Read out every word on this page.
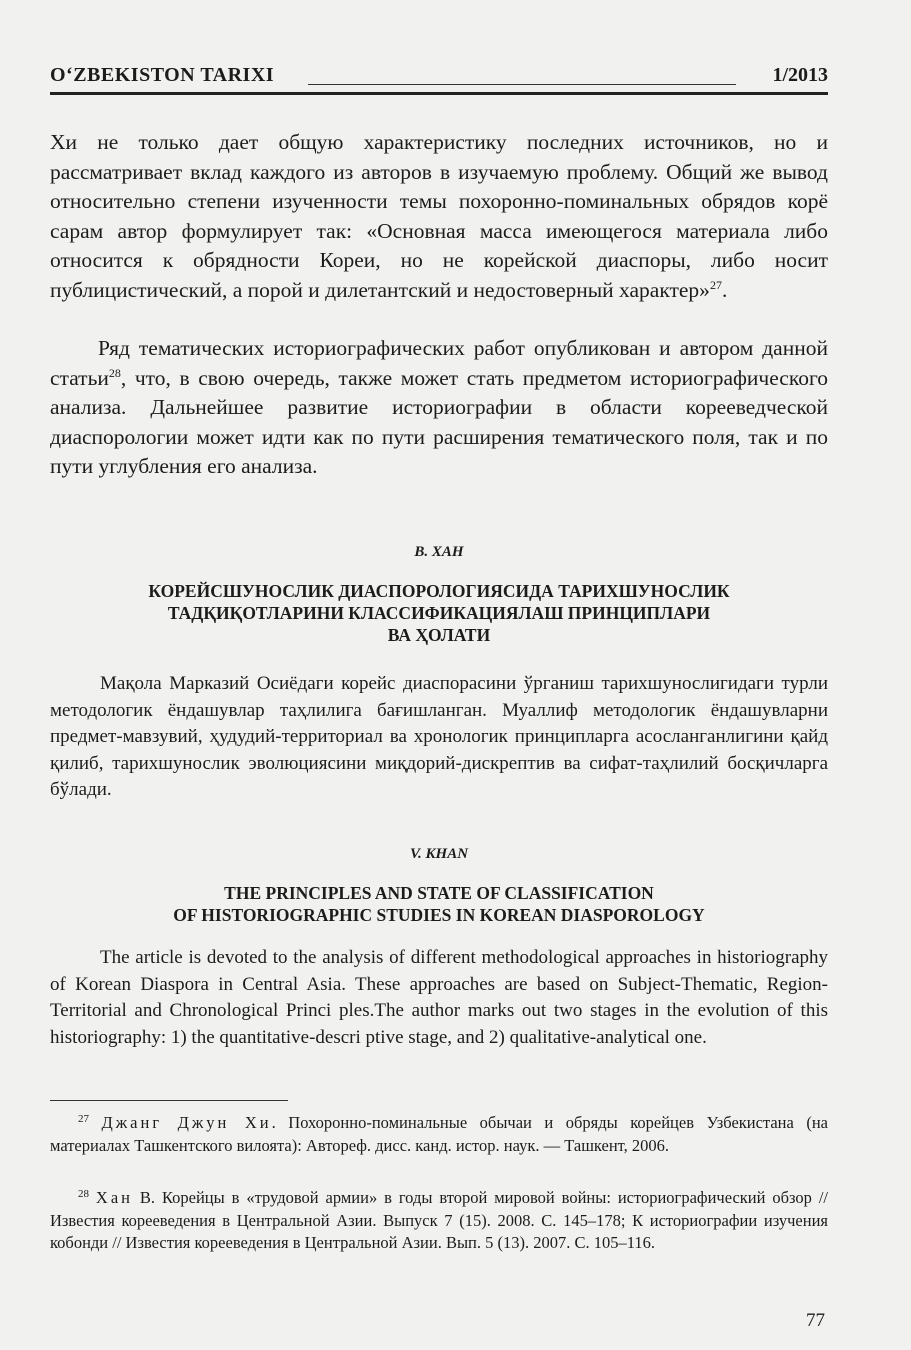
O‘ZBEKISTON TARIXI	1/2013

Хи не только дает общую характеристику последних источников, но и рассматривает вклад каждого из авторов в изучаемую проблему. Общий же вывод относительно степени изученности темы похоронно-поминальных обрядов корё сарам автор формулирует так: «Основная масса имеющегося материала либо относится к обрядности Кореи, но не корейской диаспоры, либо носит публицистический, а порой и дилетантский и недостоверный характер»$^{27}$.

Ряд тематических историографических работ опубликован и автором данной статьи$^{28}$, что, в свою очередь, также может стать предметом историографического анализа. Дальнейшее развитие историографии в области корееведческой диаспорологии может идти как по пути расширения тематического поля, так и по пути углубления его анализа.

В. ХАН

КОРЕЙСШУНОСЛИК ДИАСПОРОЛОГИЯСИДА ТАРИХШУНОСЛИК
ТАДҚИҚОТЛАРИНИ КЛАССИФИКАЦИЯЛАШ ПРИНЦИПЛАРИ
ВА ҲОЛАТИ

Мақола Марказий Осиёдаги корейс диаспорасини ўрганиш тарихшунослигидаги турли методологик ёндашувлар таҳлилига бағишланган. Муаллиф методологик ёндашувларни предмет-мавзувий, ҳудудий-территориал ва хронологик принципларга асосланганлигини қайд қилиб, тарихшунослик эволюциясини миқдорий-дискрептив ва сифат-таҳлилий босқичларга бўлади.

V. KHAN

THE PRINCIPLES AND STATE OF CLASSIFICATION
OF HISTORIOGRAPHIC STUDIES IN KOREAN DIASPOROLOGY

The article is devoted to the analysis of different methodological approaches in historiography of Korean Diaspora in Central Asia. These approaches are based on Subject-Thematic, Region-Territorial and Chronological Princi ples.The author marks out two stages in the evolution of this historiography: 1) the quantitative-descri ptive stage, and 2) qualitative-analytical one.

$^{27}$ Джанг Джун Хи. Похоронно-поминальные обычаи и обряды корейцев Узбекистана (на материалах Ташкентского вилоята): Автореф. дисс. канд. истор. наук. — Ташкент, 2006.

$^{28}$ Хан В. Корейцы в «трудовой армии» в годы второй мировой войны: историографический обзор // Известия корееведения в Центральной Азии. Выпуск 7 (15). 2008. С. 145–178; К историографии изучения кобонди // Известия корееведения в Центральной Азии. Вып. 5 (13). 2007. С. 105–116.

77
